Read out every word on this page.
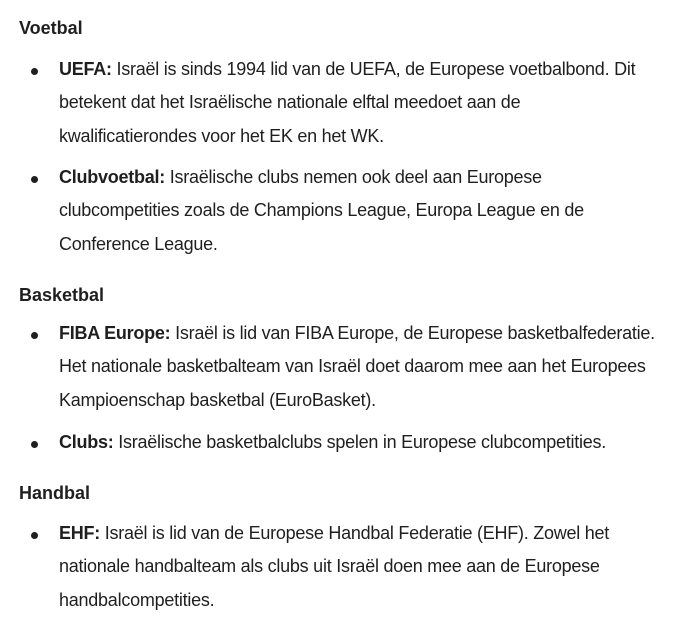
Voetbal
UEFA: Israël is sinds 1994 lid van de UEFA, de Europese voetbalbond. Dit
betekent dat het Israëlische nationale elftal meedoet aan de
kwalificatierondes voor het EK en het WK.
Clubvoetbal: Israëlische clubs nemen ook deel aan Europese
clubcompetities zoals de Champions League, Europa League en de
Conference League.
Basketbal
FIBA Europe: Israël is lid van FIBA Europe, de Europese basketbalfederatie.
Het nationale basketbalteam van Israël doet daarom mee aan het Europees
Kampioenschap basketbal (EuroBasket).
Clubs: Israëlische basketbalclubs spelen in Europese clubcompetities.
Handbal
EHF: Israël is lid van de Europese Handbal Federatie (EHF). Zowel het
nationale handbalteam als clubs uit Israël doen mee aan de Europese
handbalcompetities.
